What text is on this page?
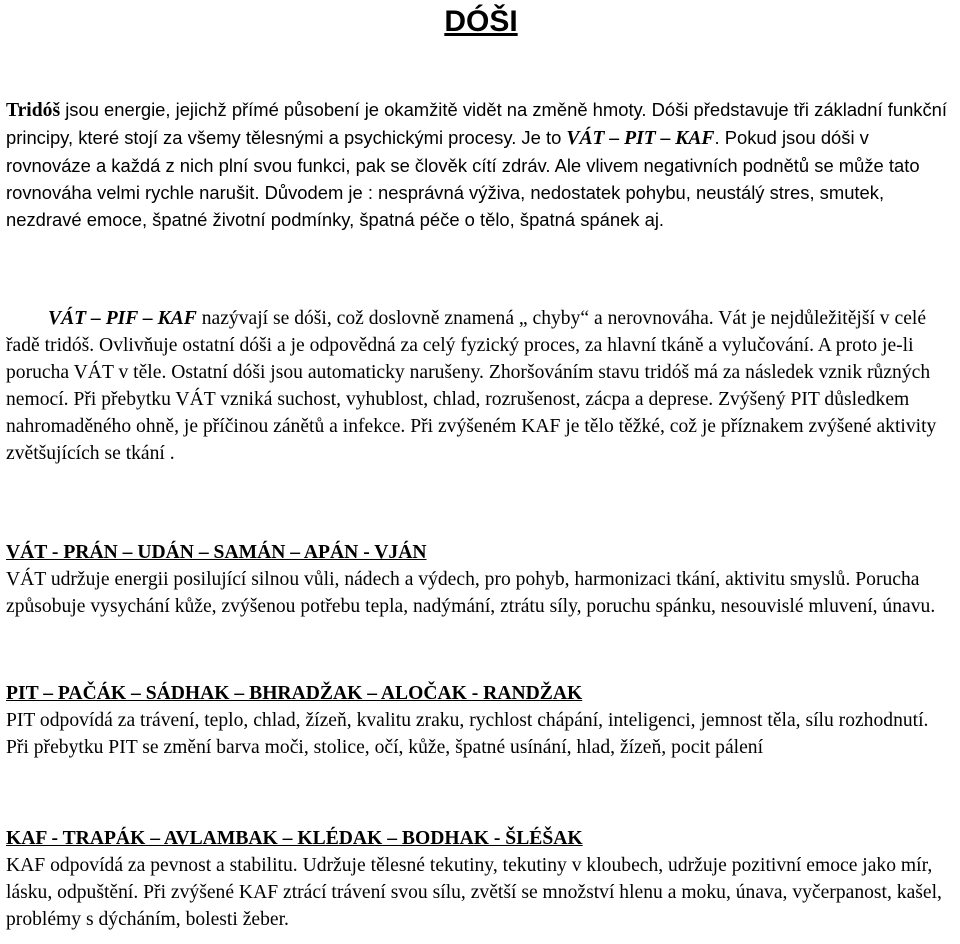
DÓŠI

Tridóš jsou energie, jejichž přímé působení je okamžitě vidět na změně hmoty. Dóši představuje tři základní funkční principy, které stojí za všemy tělesnými a psychickými procesy. Je to VÁT – PIT – KAF. Pokud jsou dóši v rovnováze a každá z nich plní svou funkci, pak se člověk cítí zdráv. Ale vlivem negativních podnětů se může tato rovnováha velmi rychle narušit. Důvodem je : nesprávná výživa, nedostatek pohybu, neustálý stres, smutek, nezdravé emoce, špatné životní podmínky, špatná péče o tělo, špatná spánek aj.

VÁT – PIF – KAF nazývají se dóši, což doslovně znamená „ chyby“ a nerovnováha. Vát je nejdůležitější v celé řadě tridóš. Ovlivňuje ostatní dóši a je odpovědná za celý fyzický proces, za hlavní tkáně a vylučování. A proto je-li porucha VÁT v těle. Ostatní dóši jsou automaticky narušeny. Zhoršováním stavu tridóš má za následek vznik různých nemocí. Při přebytku VÁT vzniká suchost, vyhublost, chlad, rozrušenost, zácpa a deprese. Zvýšený PIT důsledkem nahromaděného ohně, je příčinou zánětů a infekce. Při zvýšeném KAF je tělo těžké, což je příznakem zvýšené aktivity zvětšujících se tkání .

VÁT - PRÁN – UDÁN – SAMÁN – APÁN - VJÁN
VÁT udržuje energii posilující silnou vůli, nádech a výdech, pro pohyb, harmonizaci tkání, aktivitu smyslů. Porucha způsobuje vysychání kůže, zvýšenou potřebu tepla, nadýmání, ztrátu síly, poruchu spánku, nesouvislé mluvení, únavu.
PIT – PAČÁK – SÁDHAK – BHRADŽAK – ALOČAK - RANDŽAK
PIT odpovídá za trávení, teplo, chlad, žízeň, kvalitu zraku, rychlost chápání, inteligenci, jemnost těla, sílu rozhodnutí. Při přebytku PIT se změní barva moči, stolice, očí, kůže, špatné usínání, hlad, žízeň, pocit pálení
KAF - TRAPÁK – AVLAMBAK – KLÉDAK – BODHAK - ŠLÉŠAK
KAF odpovídá za pevnost a stabilitu. Udržuje tělesné tekutiny, tekutiny v kloubech, udržuje pozitivní emoce jako mír, lásku, odpuštění. Při zvýšené KAF ztrácí trávení svou sílu, zvětší se množství hlenu a moku, únava, vyčerpanost, kašel, problémy s dýcháním, bolesti žeber.
